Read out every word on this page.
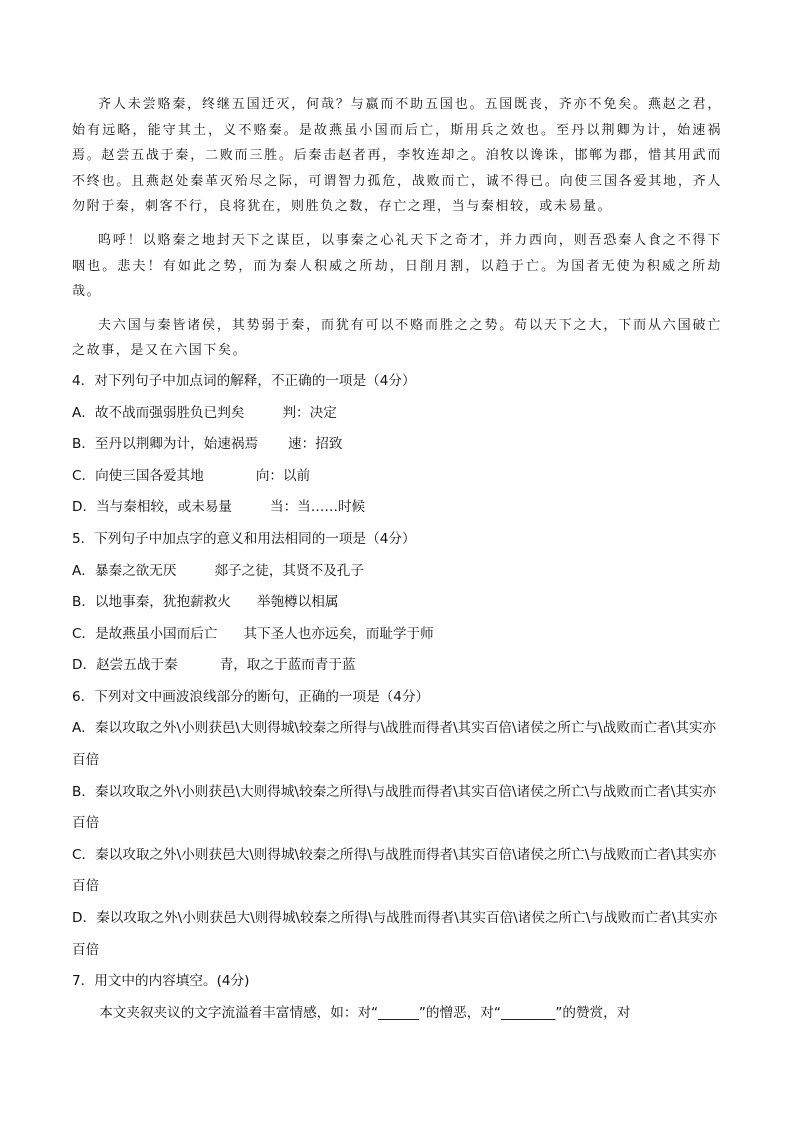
齐人未尝赂秦，终继五国迁灭，何哉？与嬴而不助五国也。五国既丧，齐亦不免矣。燕赵之君，始有远略，能守其土，义不赂秦。是故燕虽小国而后亡，斯用兵之效也。至丹以荆卿为计，始速祸焉。赵尝五战于秦，二败而三胜。后秦击赵者再，李牧连却之。洎牧以谗诛，邯郸为郡，惜其用武而不终也。且燕赵处秦革灭殆尽之际，可谓智力孤危，战败而亡，诚不得已。向使三国各爱其地，齐人勿附于秦，刺客不行，良将犹在，则胜负之数，存亡之理，当与秦相较，或未易量。

呜呼！以赂秦之地封天下之谋臣，以事秦之心礼天下之奇才，并力西向，则吾恐秦人食之不得下咽也。悲夫！有如此之势，而为秦人积威之所劫，日削月割，以趋于亡。为国者无使为积威之所劫哉。

夫六国与秦皆诸侯，其势弱于秦，而犹有可以不赂而胜之之势。苟以天下之大，下而从六国破亡之故事，是又在六国下矣。

4．对下列句子中加点词的解释，不正确的一项是（4分）

A．故不战而强弱胜负已判矣	判：决定

B．至丹以荆卿为计，始速祸焉 速：招致

C．向使三国各爱其地	向：以前

D．当与秦相较，或未易量	当：当……时候

5．下列句子中加点字的意义和用法相同的一项是（4分）

A．暴秦之欲无厌	郯子之徒，其贤不及孔子

B．以地事秦，犹抱薪救火 举匏樽以相属

C．是故燕虽小国而后亡 其下圣人也亦远矣，而耻学于师

D．赵尝五战于秦	青，取之于蓝而青于蓝

6．下列对文中画波浪线部分的断句，正确的一项是（4分）

A．秦以攻取之外\小则获邑\大则得城\较秦之所得与\战胜而得者\其实百倍\诸侯之所亡与\战败而亡者\其实亦百倍

B．秦以攻取之外\小则获邑\大则得城\较秦之所得\与战胜而得者\其实百倍\诸侯之所亡\与战败而亡者\其实亦百倍

C．秦以攻取之外\小则获邑大\则得城\较秦之所得\与战胜而得者\其实百倍\诸侯之所亡\与战败而亡者\其实亦百倍

D．秦以攻取之外\小则获邑大\则得城\较秦之所得\与战胜而得者\其实百倍\诸侯之所亡\与战败而亡者\其实亦百倍

7．用文中的内容填空。(4分)

本文夹叙夹议的文字流溢着丰富情感，如：对“______”的憎恶，对“________”的赞赏，对
